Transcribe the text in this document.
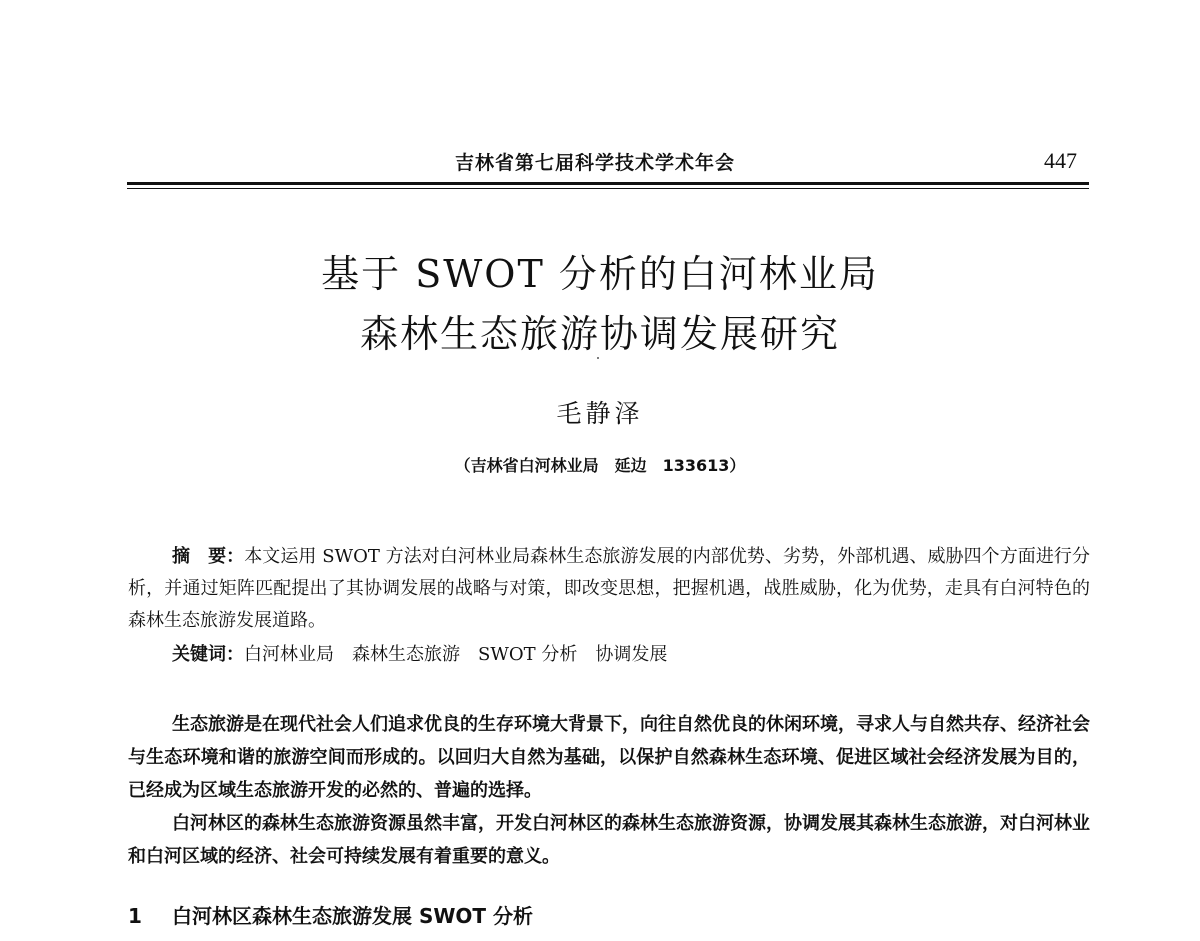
吉林省第七届科学技术学术年会	447
基于 SWOT 分析的白河林业局
森林生态旅游协调发展研究
毛静泽
（吉林省白河林业局　延边　133613）

摘　要：本文运用 SWOT 方法对白河林业局森林生态旅游发展的内部优势、劣势，外部机遇、威胁四个方面进行分析，并通过矩阵匹配提出了其协调发展的战略与对策，即改变思想，把握机遇，战胜威胁，化为优势，走具有白河特色的森林生态旅游发展道路。

关键词：白河林业局　森林生态旅游　SWOT 分析　协调发展

生态旅游是在现代社会人们追求优良的生存环境大背景下，向往自然优良的休闲环境，寻求人与自然共存、经济社会与生态环境和谐的旅游空间而形成的。以回归大自然为基础，以保护自然森林生态环境、促进区域社会经济发展为目的，已经成为区域生态旅游开发的必然的、普遍的选择。

白河林区的森林生态旅游资源虽然丰富，开发白河林区的森林生态旅游资源，协调发展其森林生态旅游，对白河林业和白河区域的经济、社会可持续发展有着重要的意义。

1 白河林区森林生态旅游发展 SWOT 分析
